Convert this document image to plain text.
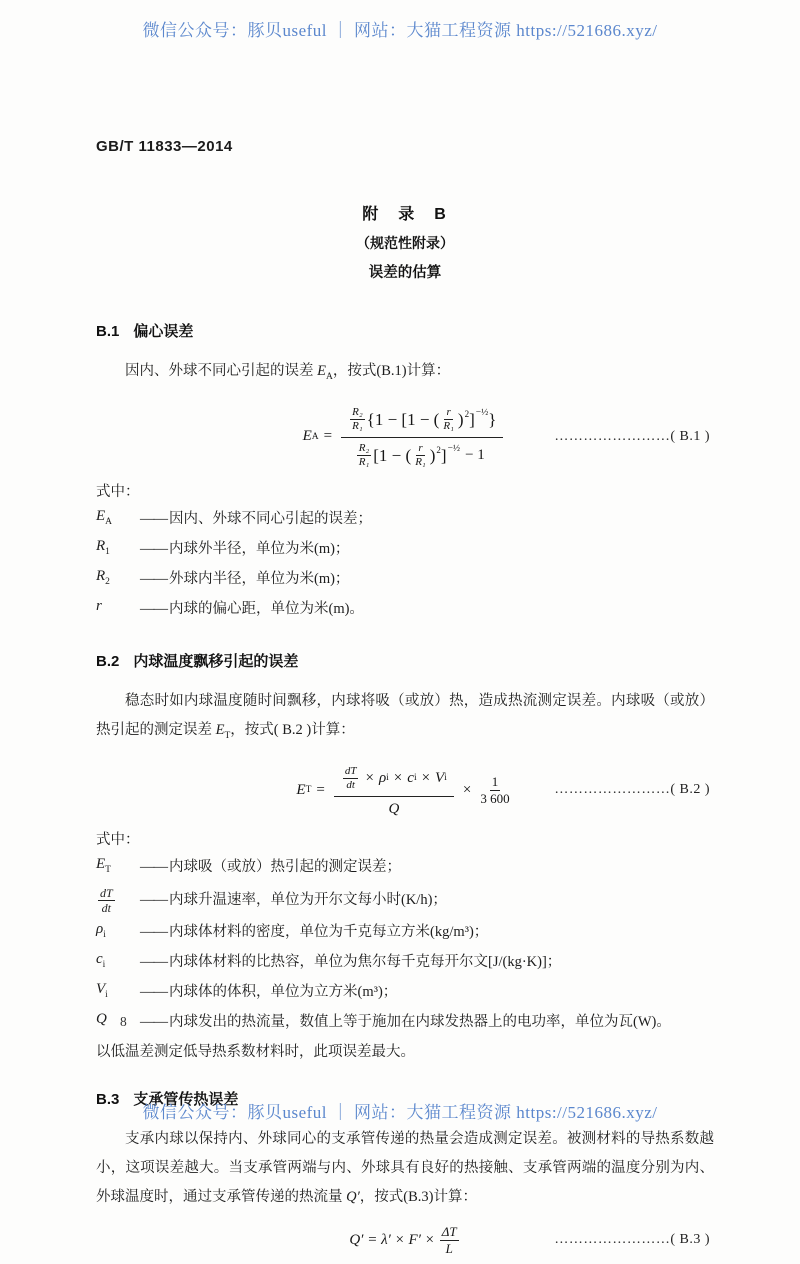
微信公众号：豚贝useful ｜ 网站：大猫工程资源 https://521686.xyz/
GB/T 11833—2014
附　录　B
（规范性附录）
误差的估算
B.1 偏心误差

因内、外球不同心引起的误差 $E_A$，按式(B.1)计算：

E A = R₂
R₁ {1 − [1 − ( r
R₁ ) 2 ] −½ }
R₂
R₁ [1 − ( r
R₁ ) 2 ] −½ − 1	……………………( B.1 )
式中：
$E_A$	—— 因内、外球不同心引起的误差；
$R_1$	—— 内球外半径，单位为米(m)；
$R_2$	—— 外球内半径，单位为米(m)；
r	—— 内球的偏心距，单位为米(m)。
B.2 内球温度飘移引起的误差

稳态时如内球温度随时间飘移，内球将吸（或放）热，造成热流测定误差。内球吸（或放）热引起的测定误差 $E_T$，按式( B.2 )计算：

E $T = \frac{dT}{dt} \times \rho$ i × c i × V i
Q
× $\frac{1}{3 600}$	……………………( B.2 )
式中：
$E_T$	—— 内球吸（或放）热引起的测定误差；
$\frac{dT}{dt}$ —— 内球升温速率，单位为开尔文每小时(K/h)；
$\rho_i$	—— 内球体材料的密度，单位为千克每立方米(kg/m³)；
$c_i$	—— 内球体材料的比热容，单位为焦尔每千克每开尔文[J/(kg·K)]；
$V_i$	—— 内球体的体积，单位为立方米(m³)；
Q	—— 内球发出的热流量，数值上等于施加在内球发热器上的电功率，单位为瓦(W)。
以低温差测定低导热系数材料时，此项误差最大。
B.3 支承管传热误差

支承内球以保持内、外球同心的支承管传递的热量会造成测定误差。被测材料的导热系数越小，这项误差越大。当支承管两端与内、外球具有良好的热接触、支承管两端的温度分别为内、外球温度时，通过支承管传递的热流量 Q′，按式(B.3)计算：

$Q' = \lambda' \times F' \times \frac{\Delta T}{L}$	……………………( B.3 )
8
微信公众号：豚贝useful ｜ 网站：大猫工程资源 https://521686.xyz/
